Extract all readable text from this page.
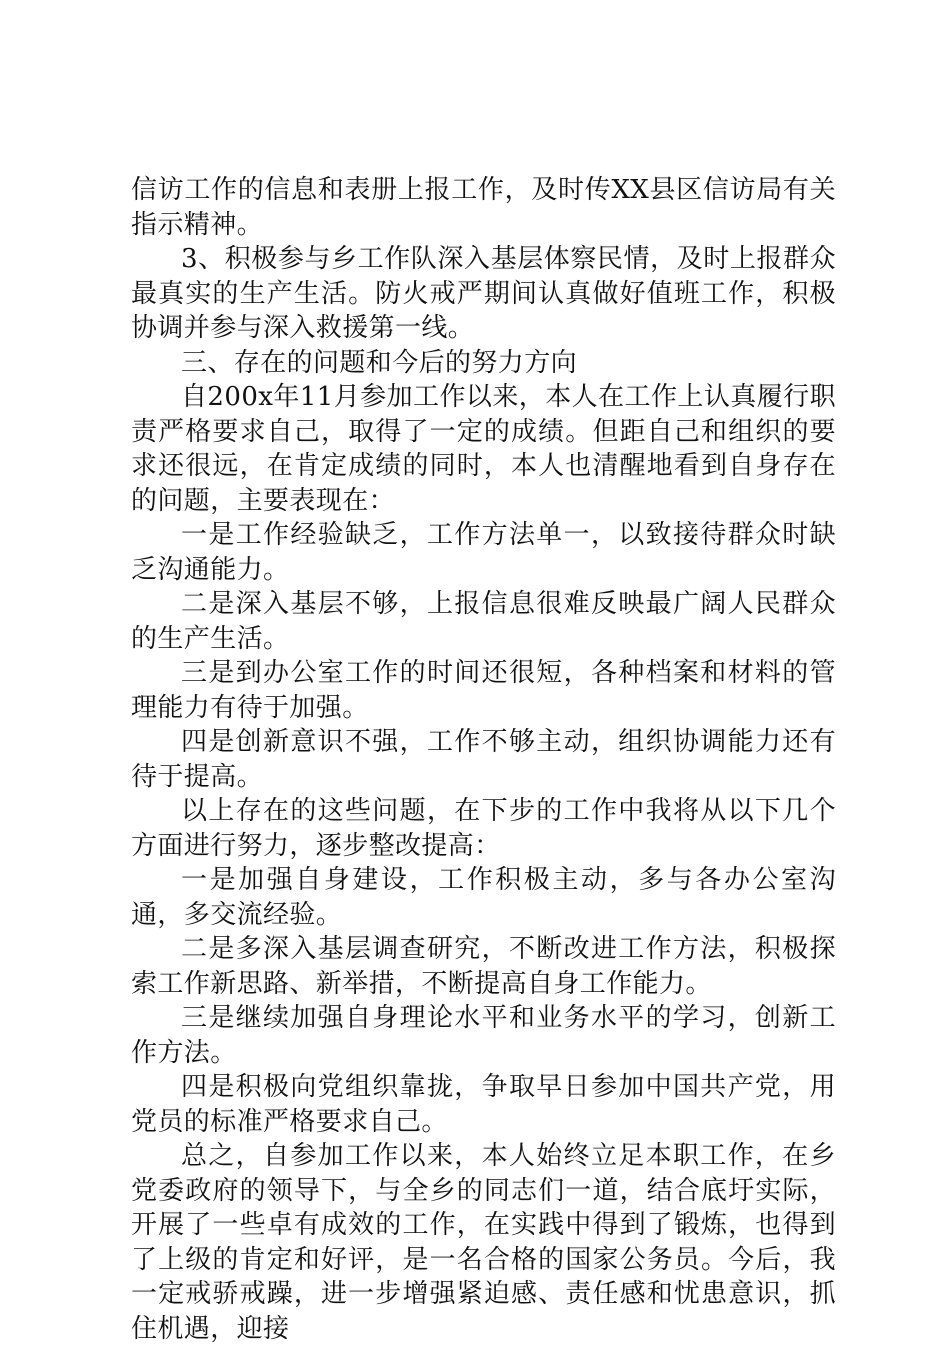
信访工作的信息和表册上报工作，及时传XX县区信访局有关指示精神。

3、积极参与乡工作队深入基层体察民情，及时上报群众最真实的生产生活。防火戒严期间认真做好值班工作，积极协调并参与深入救援第一线。

三、存在的问题和今后的努力方向

自200x年11月参加工作以来，本人在工作上认真履行职责严格要求自己，取得了一定的成绩。但距自己和组织的要求还很远，在肯定成绩的同时，本人也清醒地看到自身存在的问题，主要表现在：

一是工作经验缺乏，工作方法单一，以致接待群众时缺乏沟通能力。

二是深入基层不够，上报信息很难反映最广阔人民群众的生产生活。

三是到办公室工作的时间还很短，各种档案和材料的管理能力有待于加强。

四是创新意识不强，工作不够主动，组织协调能力还有待于提高。

以上存在的这些问题，在下步的工作中我将从以下几个方面进行努力，逐步整改提高：

一是加强自身建设，工作积极主动，多与各办公室沟通，多交流经验。

二是多深入基层调查研究，不断改进工作方法，积极探索工作新思路、新举措，不断提高自身工作能力。

三是继续加强自身理论水平和业务水平的学习，创新工作方法。

四是积极向党组织靠拢，争取早日参加中国共产党，用党员的标准严格要求自己。

总之，自参加工作以来，本人始终立足本职工作，在乡党委政府的领导下，与全乡的同志们一道，结合底圩实际，开展了一些卓有成效的工作，在实践中得到了锻炼，也得到了上级的肯定和好评，是一名合格的国家公务员。今后，我一定戒骄戒躁，进一步增强紧迫感、责任感和忧患意识，抓住机遇，迎接
